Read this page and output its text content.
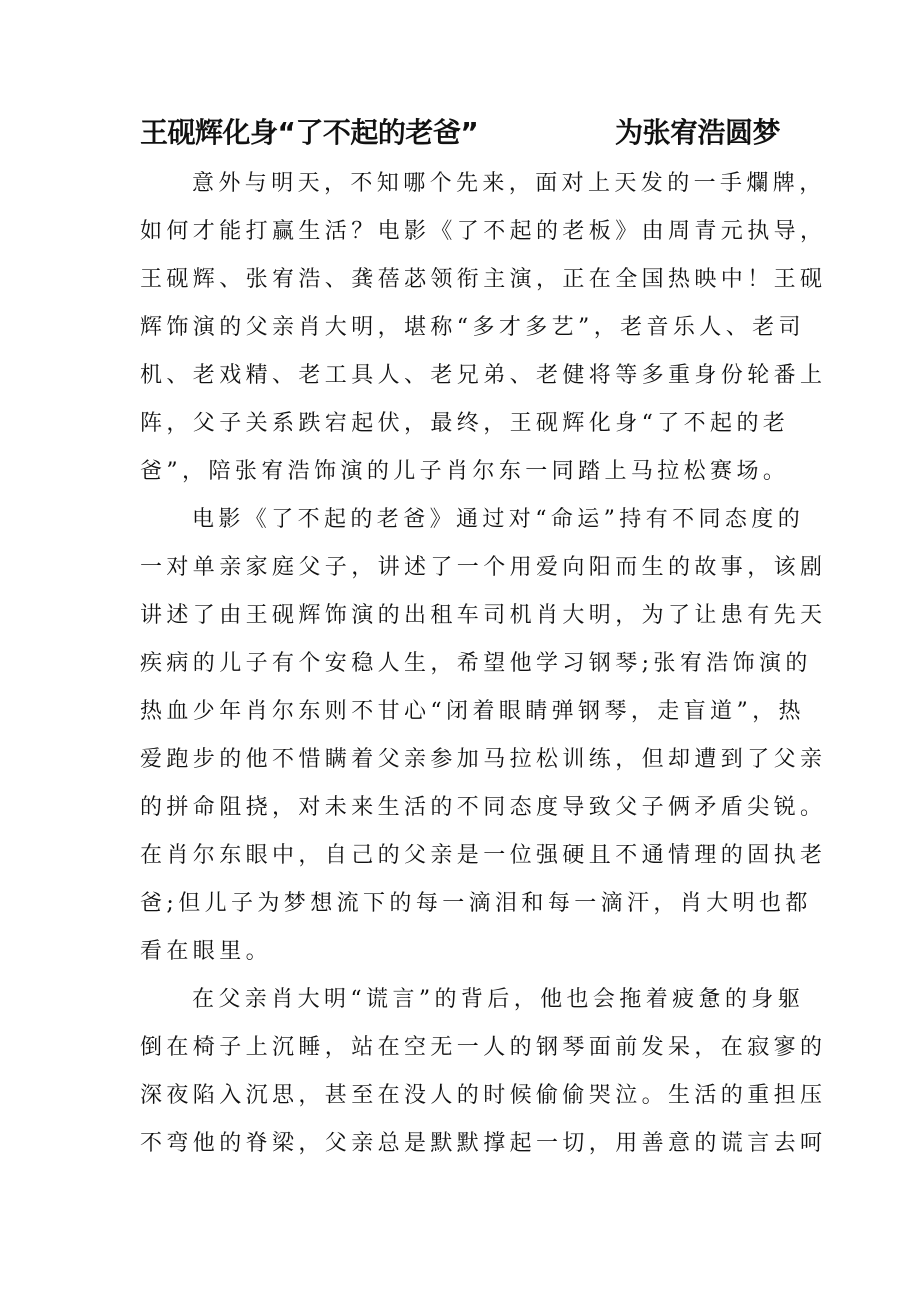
王砚辉化身“了不起的老爸”	为张宥浩圆梦

意外与明天，不知哪个先来，面对上天发的一手爛牌，
如何才能打赢生活？电影《了不起的老板》由周青元执导，
王砚辉、张宥浩、龚蓓苾领衔主演，正在全国热映中！王砚
辉饰演的父亲肖大明，堪称“多才多艺”，老音乐人、老司
机、老戏精、老工具人、老兄弟、老健将等多重身份轮番上
阵，父子关系跌宕起伏，最终，王砚辉化身“了不起的老
爸”，陪张宥浩饰演的儿子肖尔东一同踏上马拉松赛场。

电影《了不起的老爸》通过对“命运”持有不同态度的
一对单亲家庭父子，讲述了一个用爱向阳而生的故事，该剧
讲述了由王砚辉饰演的出租车司机肖大明，为了让患有先天
疾病的儿子有个安稳人生，希望他学习钢琴;张宥浩饰演的
热血少年肖尔东则不甘心“闭着眼睛弹钢琴，走盲道”，热
爱跑步的他不惜瞒着父亲参加马拉松训练，但却遭到了父亲
的拼命阻挠，对未来生活的不同态度导致父子俩矛盾尖锐。
在肖尔东眼中，自己的父亲是一位强硬且不通情理的固执老
爸;但儿子为梦想流下的每一滴泪和每一滴汗，肖大明也都
看在眼里。

在父亲肖大明“谎言”的背后，他也会拖着疲惫的身躯
倒在椅子上沉睡，站在空无一人的钢琴面前发呆，在寂寥的
深夜陷入沉思，甚至在没人的时候偷偷哭泣。生活的重担压
不弯他的脊梁，父亲总是默默撑起一切，用善意的谎言去呵
